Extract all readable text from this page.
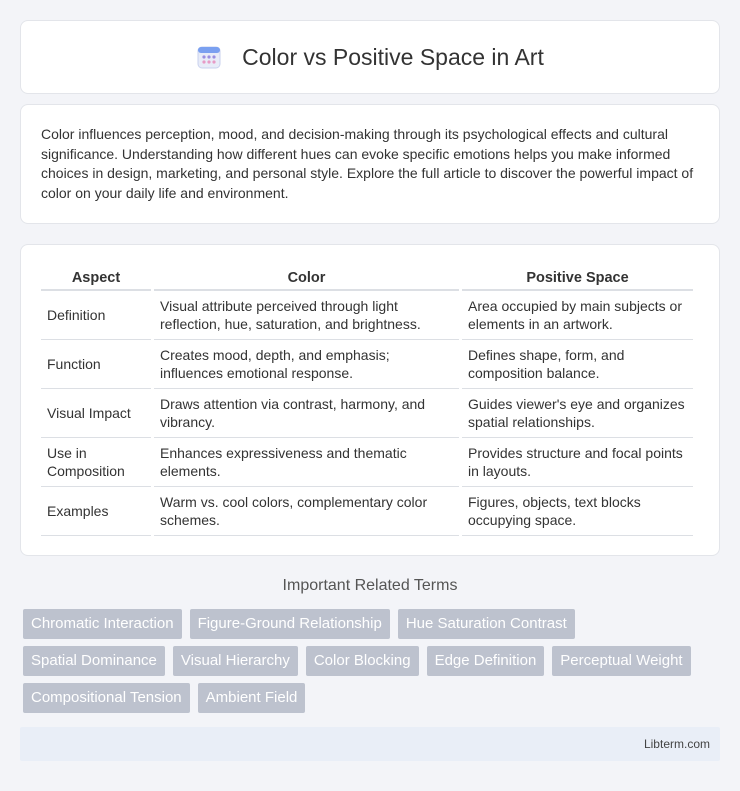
Color vs Positive Space in Art

Color influences perception, mood, and decision-making through its psychological effects and cultural significance. Understanding how different hues can evoke specific emotions helps you make informed choices in design, marketing, and personal style. Explore the full article to discover the powerful impact of color on your daily life and environment.

Aspect	Color	Positive Space
Definition	Visual attribute perceived through light reflection, hue, saturation, and brightness.	Area occupied by main subjects or elements in an artwork.
Function	Creates mood, depth, and emphasis; influences emotional response.	Defines shape, form, and composition balance.
Visual Impact	Draws attention via contrast, harmony, and vibrancy.	Guides viewer's eye and organizes spatial relationships.
Use in Composition	Enhances expressiveness and thematic elements.	Provides structure and focal points in layouts.
Examples	Warm vs. cool colors, complementary color schemes.	Figures, objects, text blocks occupying space.
Important Related Terms
Chromatic Interaction	Figure-Ground Relationship	Hue Saturation Contrast
Spatial Dominance	Visual Hierarchy	Color Blocking	Edge Definition	Perceptual Weight
Compositional Tension	Ambient Field
Libterm.com
